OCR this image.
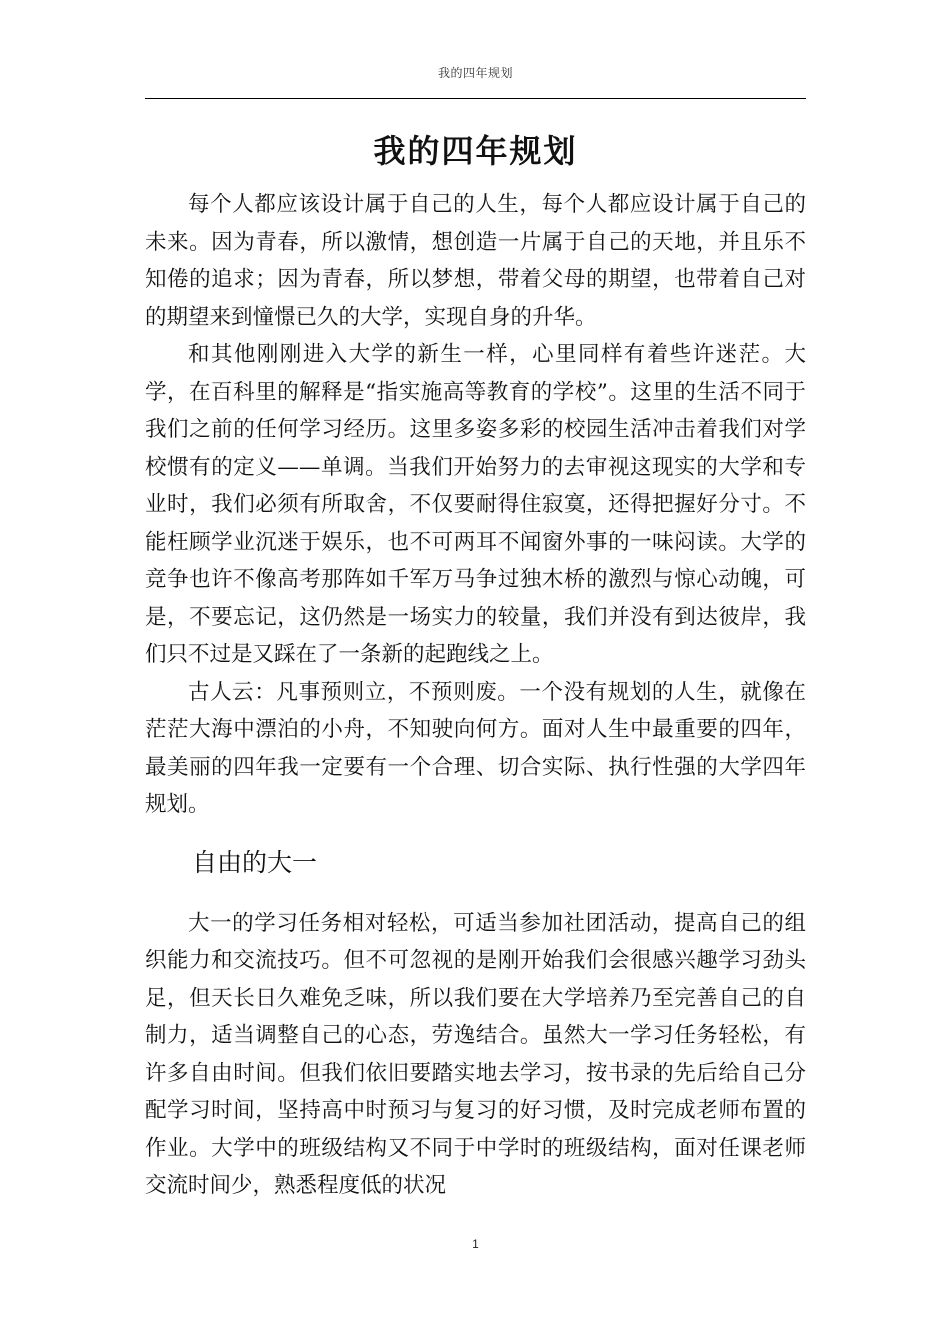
我的四年规划
我的四年规划

每个人都应该设计属于自己的人生，每个人都应设计属于自己的未来。因为青春，所以激情，想创造一片属于自己的天地，并且乐不知倦的追求；因为青春，所以梦想，带着父母的期望，也带着自己对的期望来到憧憬已久的大学，实现自身的升华。

和其他刚刚进入大学的新生一样，心里同样有着些许迷茫。大学，在百科里的解释是“指实施高等教育的学校”。这里的生活不同于我们之前的任何学习经历。这里多姿多彩的校园生活冲击着我们对学校惯有的定义——单调。当我们开始努力的去审视这现实的大学和专业时，我们必须有所取舍，不仅要耐得住寂寞，还得把握好分寸。不能枉顾学业沉迷于娱乐，也不可两耳不闻窗外事的一味闷读。大学的竞争也许不像高考那阵如千军万马争过独木桥的激烈与惊心动魄，可是，不要忘记，这仍然是一场实力的较量，我们并没有到达彼岸，我们只不过是又踩在了一条新的起跑线之上。

古人云：凡事预则立，不预则废。一个没有规划的人生，就像在茫茫大海中漂泊的小舟，不知驶向何方。面对人生中最重要的四年，最美丽的四年我一定要有一个合理、切合实际、执行性强的大学四年规划。

自由的大一

大一的学习任务相对轻松，可适当参加社团活动，提高自己的组织能力和交流技巧。但不可忽视的是刚开始我们会很感兴趣学习劲头足，但天长日久难免乏味，所以我们要在大学培养乃至完善自己的自制力，适当调整自己的心态，劳逸结合。虽然大一学习任务轻松，有许多自由时间。但我们依旧要踏实地去学习，按书录的先后给自己分配学习时间，坚持高中时预习与复习的好习惯，及时完成老师布置的作业。大学中的班级结构又不同于中学时的班级结构，面对任课老师交流时间少，熟悉程度低的状况

1
